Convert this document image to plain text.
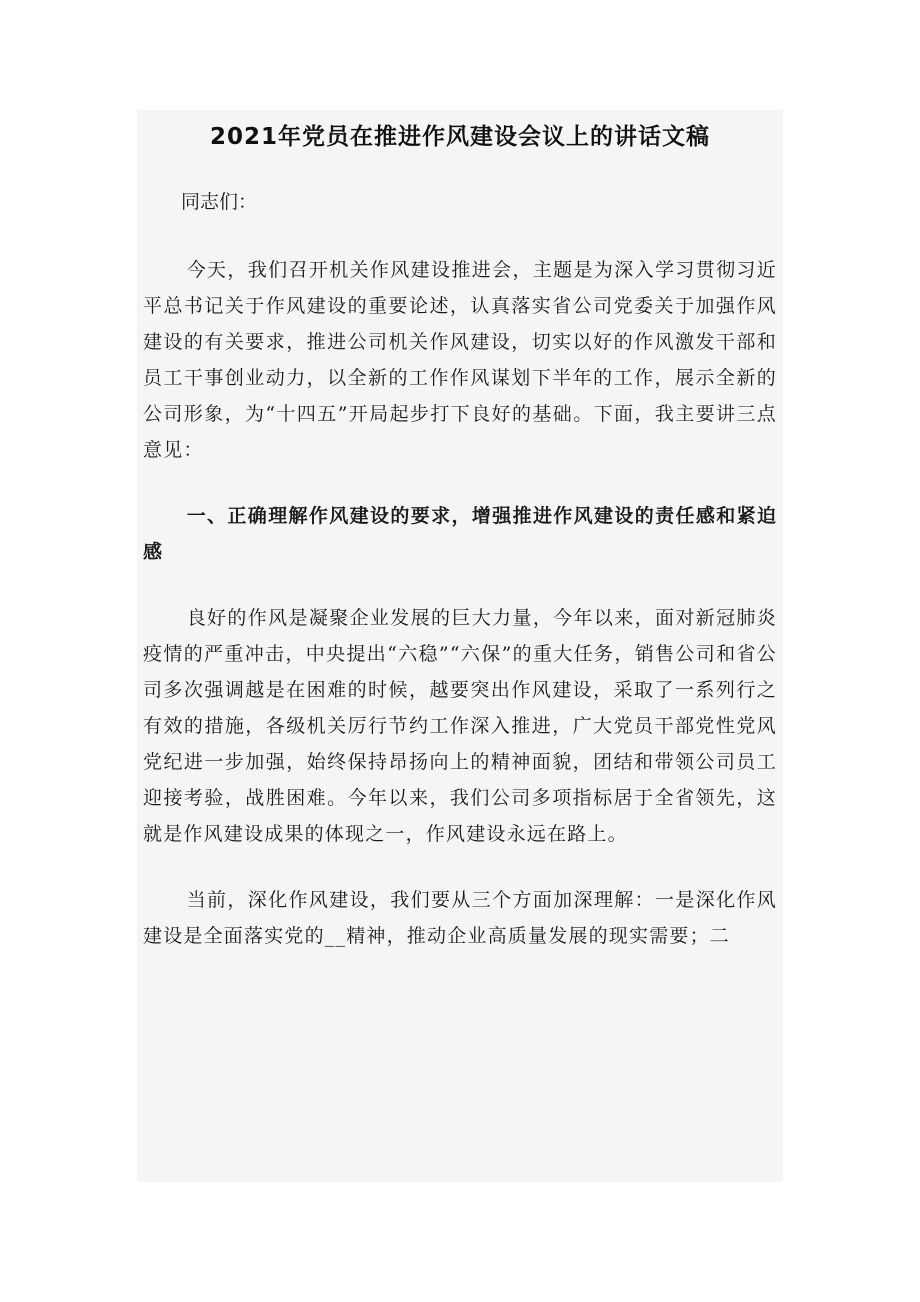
2021年党员在推进作风建设会议上的讲话文稿
同志们：
今天，我们召开机关作风建设推进会，主题是为深入学习贯彻习近平总书记关于作风建设的重要论述，认真落实省公司党委关于加强作风建设的有关要求，推进公司机关作风建设，切实以好的作风激发干部和员工干事创业动力，以全新的工作作风谋划下半年的工作，展示全新的公司形象，为“十四五”开局起步打下良好的基础。下面，我主要讲三点意见：
一、正确理解作风建设的要求，增强推进作风建设的责任感和紧迫感
良好的作风是凝聚企业发展的巨大力量，今年以来，面对新冠肺炎疫情的严重冲击，中央提出“六稳”“六保”的重大任务，销售公司和省公司多次强调越是在困难的时候，越要突出作风建设，采取了一系列行之有效的措施，各级机关厉行节约工作深入推进，广大党员干部党性党风党纪进一步加强，始终保持昂扬向上的精神面貌，团结和带领公司员工迎接考验，战胜困难。今年以来，我们公司多项指标居于全省领先，这就是作风建设成果的体现之一，作风建设永远在路上。
当前，深化作风建设，我们要从三个方面加深理解：一是深化作风建设是全面落实党的__精神，推动企业高质量发展的现实需要；二
